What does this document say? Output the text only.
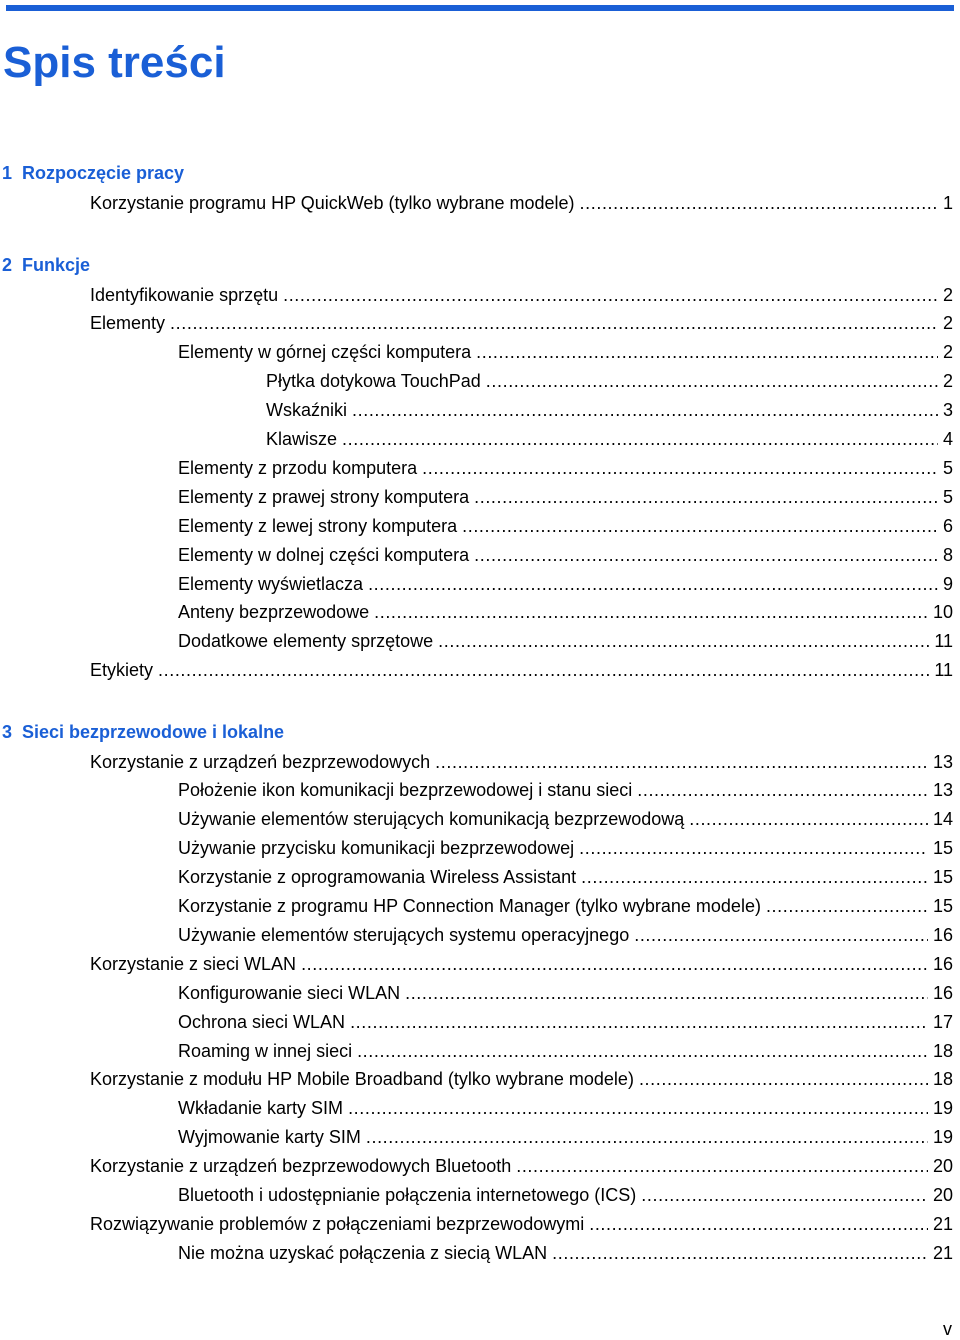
Spis treści
1 Rozpoczęcie pracy
Korzystanie programu HP QuickWeb (tylko wybrane modele) .....	1
2 Funkcje
Identyfikowanie sprzętu .....	2
Elementy .....	2
Elementy w górnej części komputera .....	2
Płytka dotykowa TouchPad .....	2
Wskaźniki .....	3
Klawisze .....	4
Elementy z przodu komputera .....	5
Elementy z prawej strony komputera .....	5
Elementy z lewej strony komputera .....	6
Elementy w dolnej części komputera .....	8
Elementy wyświetlacza .....	9
Anteny bezprzewodowe .....	10
Dodatkowe elementy sprzętowe .....	11
Etykiety .....	11
3 Sieci bezprzewodowe i lokalne
Korzystanie z urządzeń bezprzewodowych .....	13
Położenie ikon komunikacji bezprzewodowej i stanu sieci .....	13
Używanie elementów sterujących komunikacją bezprzewodową .....	14
Używanie przycisku komunikacji bezprzewodowej .....	15
Korzystanie z oprogramowania Wireless Assistant .....	15
Korzystanie z programu HP Connection Manager (tylko wybrane modele) .....	15
Używanie elementów sterujących systemu operacyjnego .....	16
Korzystanie z sieci WLAN .....	16
Konfigurowanie sieci WLAN .....	16
Ochrona sieci WLAN .....	17
Roaming w innej sieci .....	18
Korzystanie z modułu HP Mobile Broadband (tylko wybrane modele) .....	18
Wkładanie karty SIM .....	19
Wyjmowanie karty SIM .....	19
Korzystanie z urządzeń bezprzewodowych Bluetooth .....	20
Bluetooth i udostępnianie połączenia internetowego (ICS) .....	20
Rozwiązywanie problemów z połączeniami bezprzewodowymi .....	21
Nie można uzyskać połączenia z siecią WLAN .....	21
v
